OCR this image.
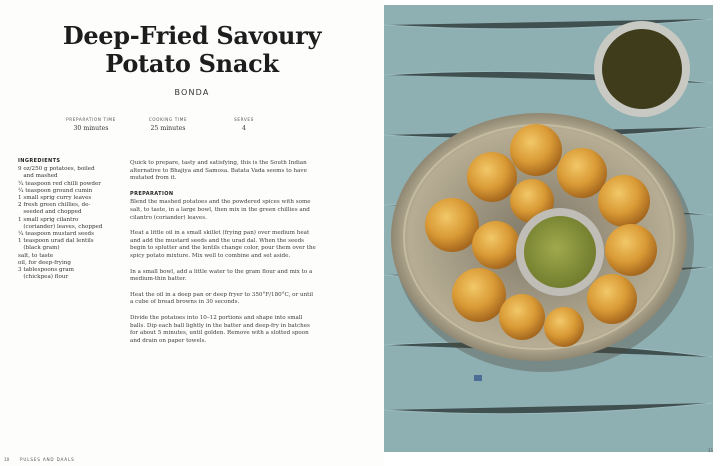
Deep-Fried Savoury
Potato Snack
BONDA
PREPARATION TIME
30 minutes
COOKING TIME
25 minutes
SERVES
4
INGREDIENTS
9 oz/250 g potatoes, boiled
and mashed
¼ teaspoon red chilli powder
¼ teaspoon ground cumin
1 small sprig curry leaves
2 fresh green chillies, de-
seeded and chopped
1 small sprig cilantro
(coriander) leaves, chopped
¼ teaspoon mustard seeds
1 teaspoon urad dal lentils
(black gram)
salt, to taste
oil, for deep-frying
3 tablespoons gram
(chickpea) flour

Quick to prepare, tasty and satisfying, this is the South Indian alternative to Bhajiya and Samosa. Batata Vada seems to have mutated from it.

PREPARATION

Blend the mashed potatoes and the powdered spices with some salt, to taste, in a large bowl, then mix in the green chillies and cilantro (coriander) leaves.

Heat a little oil in a small skillet (frying pan) over medium heat and add the mustard seeds and the urad dal. When the seeds begin to splutter and the lentils change color, pour them over the spicy potato mixture. Mix well to combine and set aside.

In a small bowl, add a little water to the gram flour and mix to a medium-thin batter.

Heat the oil in a deep pan or deep fryer to 350°F/180°C, or until a cube of bread browns in 30 seconds.

Divide the potatoes into 10–12 portions and shape into small balls. Dip each ball lightly in the batter and deep-fry in batches for about 5 minutes, until golden. Remove with a slotted spoon and drain on paper towels.

10	PULSES AND DAALS
11
